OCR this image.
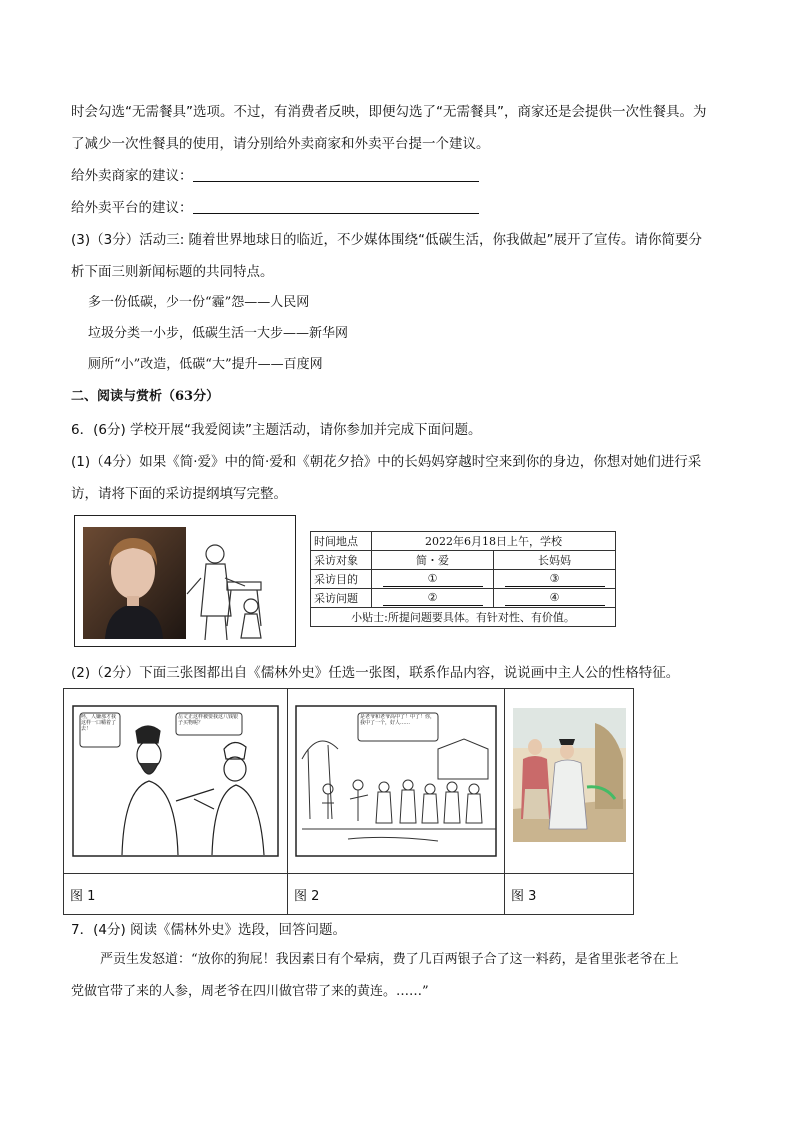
时会勾选“无需餐具”选项。不过，有消费者反映，即便勾选了“无需餐具”，商家还是会提供一次性餐具。为
了减少一次性餐具的使用，请分别给外卖商家和外卖平台提一个建议。
给外卖商家的建议：
给外卖平台的建议：
(3)（3分）活动三: 随着世界地球日的临近，不少媒体围绕“低碳生活，你我做起”展开了宣传。请你简要分
析下面三则新闻标题的共同特点。
多一份低碳，少一份“霾”怨——人民网
垃圾分类一小步，低碳生活一大步——新华网
厕所“小”改造，低碳“大”提升——百度网
二、阅读与赏析（63分）
6．(6分) 学校开展“我爱阅读”主题活动，请你参加并完成下面问题。
(1)（4分）如果《简·爱》中的简·爱和《朝花夕拾》中的长妈妈穿越时空来到你的身边，你想对她们进行采
访，请将下面的采访提纲填写完整。
时间地点	2022年6月18日上午，学校	
采访对象	简・爱	长妈妈
采访目的	①	③
采访问题	②	④
小贴士:所提问题要具体。有针对性、有价值。		
(2)（2分）下面三张图都出自《儒林外史》任选一张图，联系作品内容，说说画中主人公的性格特征。
呸，人嫌那才我这样一口嚼着了去！
岳丈正这样被要我这八钱银子买物呢？	是老爷和老爷高中了！中了！你，我中了一个，好人……

图 1	图 2	图 3
7．(4分) 阅读《儒林外史》选段，回答问题。
严贡生发怒道：“放你的狗屁！我因素日有个晕病，费了几百两银子合了这一料药，是省里张老爷在上
党做官带了来的人参，周老爷在四川做官带了来的黄连。……”
